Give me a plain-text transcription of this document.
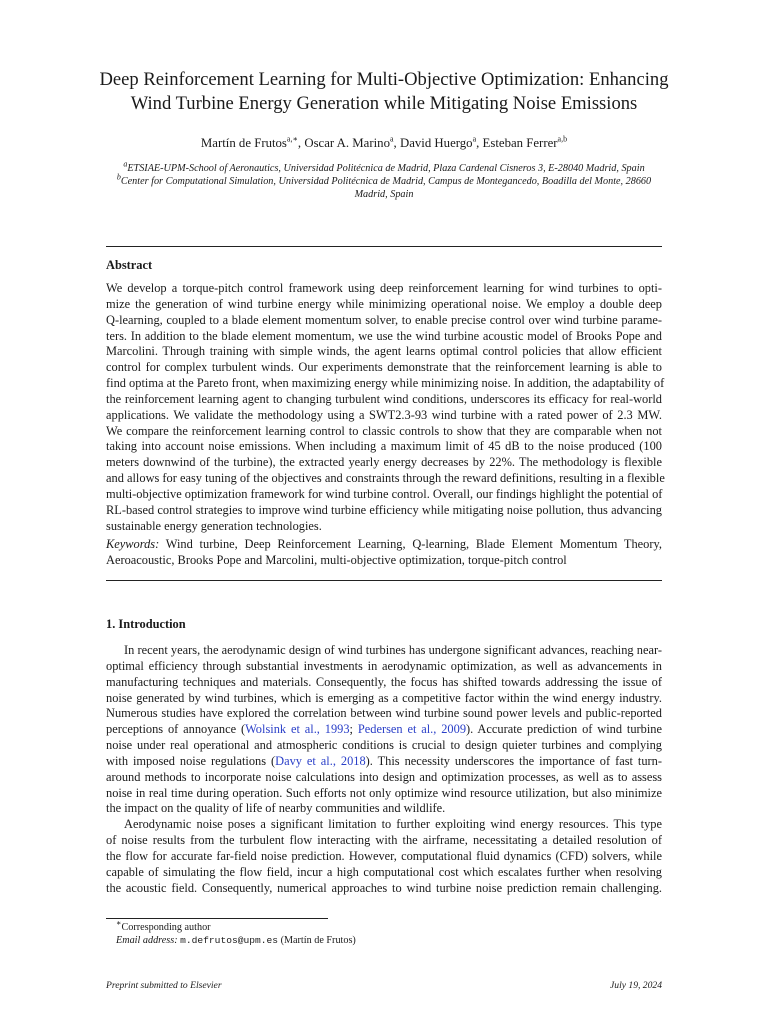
Deep Reinforcement Learning for Multi-Objective Optimization: Enhancing
Wind Turbine Energy Generation while Mitigating Noise Emissions
Martín de Frutos$^{a,∗}$, Oscar A. Marino$^a$, David Huergo$^a$, Esteban Ferrer$^{a,b}$
$^a$ETSIAE-UPM-School of Aeronautics, Universidad Politécnica de Madrid, Plaza Cardenal Cisneros 3, E-28040 Madrid, Spain
$^b$Center for Computational Simulation, Universidad Politécnica de Madrid, Campus de Montegancedo, Boadilla del Monte, 28660
Madrid, Spain
Abstract
We develop a torque-pitch control framework using deep reinforcement learning for wind turbines to opti-
mize the generation of wind turbine energy while minimizing operational noise. We employ a double deep
Q-learning, coupled to a blade element momentum solver, to enable precise control over wind turbine parame-
ters. In addition to the blade element momentum, we use the wind turbine acoustic model of Brooks Pope and
Marcolini. Through training with simple winds, the agent learns optimal control policies that allow efficient
control for complex turbulent winds. Our experiments demonstrate that the reinforcement learning is able to
find optima at the Pareto front, when maximizing energy while minimizing noise. In addition, the adaptability of
the reinforcement learning agent to changing turbulent wind conditions, underscores its efficacy for real-world
applications. We validate the methodology using a SWT2.3-93 wind turbine with a rated power of 2.3 MW.
We compare the reinforcement learning control to classic controls to show that they are comparable when not
taking into account noise emissions. When including a maximum limit of 45 dB to the noise produced (100
meters downwind of the turbine), the extracted yearly energy decreases by 22%. The methodology is flexible
and allows for easy tuning of the objectives and constraints through the reward definitions, resulting in a flexible
multi-objective optimization framework for wind turbine control. Overall, our findings highlight the potential of
RL-based control strategies to improve wind turbine efficiency while mitigating noise pollution, thus advancing
sustainable energy generation technologies.
Keywords: Wind turbine, Deep Reinforcement Learning, Q-learning, Blade Element Momentum Theory,
Aeroacoustic, Brooks Pope and Marcolini, multi-objective optimization, torque-pitch control
1. Introduction
In recent years, the aerodynamic design of wind turbines has undergone significant advances, reaching near-
optimal efficiency through substantial investments in aerodynamic optimization, as well as advancements in
manufacturing techniques and materials. Consequently, the focus has shifted towards addressing the issue of
noise generated by wind turbines, which is emerging as a competitive factor within the wind energy industry.
Numerous studies have explored the correlation between wind turbine sound power levels and public-reported
perceptions of annoyance (Wolsink et al., 1993; Pedersen et al., 2009). Accurate prediction of wind turbine
noise under real operational and atmospheric conditions is crucial to design quieter turbines and complying
with imposed noise regulations (Davy et al., 2018). This necessity underscores the importance of fast turn-
around methods to incorporate noise calculations into design and optimization processes, as well as to assess
noise in real time during operation. Such efforts not only optimize wind resource utilization, but also minimize
the impact on the quality of life of nearby communities and wildlife.
Aerodynamic noise poses a significant limitation to further exploiting wind energy resources. This type
of noise results from the turbulent flow interacting with the airframe, necessitating a detailed resolution of
the flow for accurate far-field noise prediction. However, computational fluid dynamics (CFD) solvers, while
capable of simulating the flow field, incur a high computational cost which escalates further when resolving
the acoustic field. Consequently, numerical approaches to wind turbine noise prediction remain challenging.
∗Corresponding author
Email address: m.defrutos@upm.es (Martín de Frutos)
Preprint submitted to Elsevier	July 19, 2024
